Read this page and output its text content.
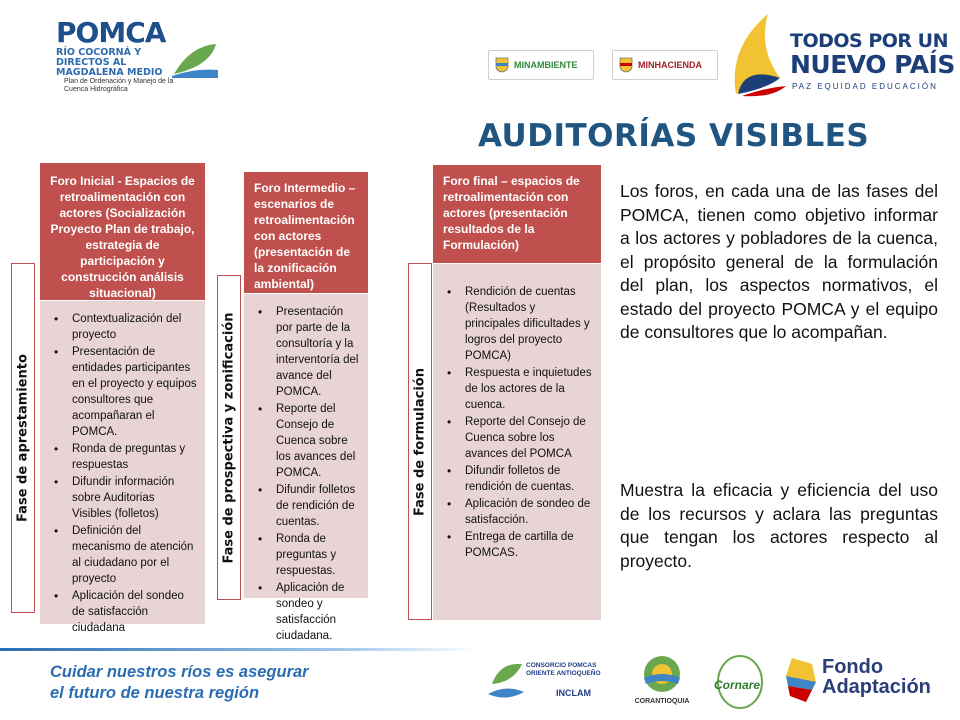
POMCA
RÍO COCORNÁ Y DIRECTOS AL MAGDALENA MEDIO
Plan de Ordenación y Manejo de la Cuenca Hidrográfica
MINAMBIENTE	MINHACIENDA
TODOS POR UN
NUEVO PAÍS
PAZ EQUIDAD EDUCACIÓN
AUDITORÍAS VISIBLES
Fase de aprestamiento
Foro Inicial - Espacios de retroalimentación con actores (Socialización Proyecto Plan de trabajo, estrategia de participación y construcción análisis situacional)
• Contextualización del proyecto
• Presentación de entidades participantes en el proyecto y equipos consultores que acompañaran el POMCA.
• Ronda de preguntas y respuestas
• Difundir información sobre Auditorias Visibles (folletos)
• Definición del mecanismo de atención al ciudadano por el proyecto
• Aplicación del sondeo de satisfacción ciudadana
Fase de prospectiva y zonificación
Foro Intermedio – escenarios de retroalimentación con actores (presentación de la zonificación ambiental)
• Presentación por parte de la consultoría y la interventoría del avance del POMCA.
• Reporte del Consejo de Cuenca sobre los avances del POMCA.
• Difundir folletos de rendición de cuentas.
• Ronda de preguntas y respuestas.
• Aplicación de sondeo y satisfacción ciudadana.
Fase de formulación
Foro final – espacios de retroalimentación con actores (presentación resultados de la Formulación)
• Rendición de cuentas (Resultados y principales dificultades y logros del proyecto POMCA)
• Respuesta e inquietudes de los actores de la cuenca.
• Reporte del Consejo de Cuenca sobre los avances del POMCA
• Difundir folletos de rendición de cuentas.
• Aplicación de sondeo de satisfacción.
• Entrega de cartilla de POMCAS.

Los foros, en cada una de las fases del POMCA, tienen como objetivo informar a los actores y pobladores de la cuenca, el propósito general de la formulación del plan, los aspectos normativos, el estado del proyecto POMCA y el equipo de consultores que lo acompañan.

Muestra la eficacia y eficiencia del uso de los recursos y aclara las preguntas que tengan los actores respecto al proyecto.

Cuidar nuestros ríos es asegurar
el futuro de nuestra región
CONSORCIO POMCAS ORIENTE ANTIOQUEÑO
INCLAM
CORANTIOQUIA
Cornare
Fondo
Adaptación
